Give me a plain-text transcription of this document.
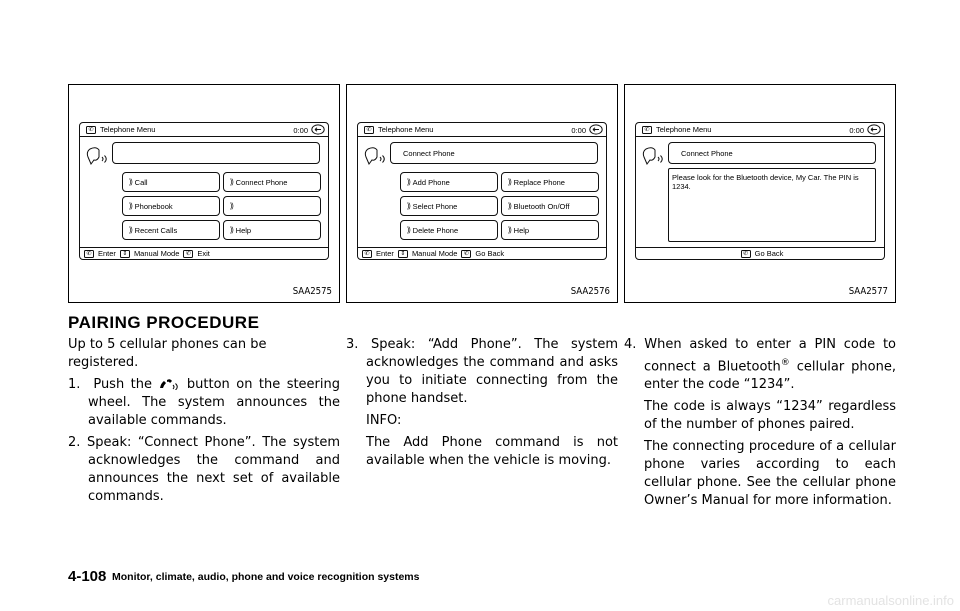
✆ Telephone Menu	0:00
)) Call	)) Connect Phone
)) Phonebook	))
)) Recent Calls	)) Help
✆ Enter	⇕ Manual Mode	✆ Exit
SAA2575
✆ Telephone Menu	0:00
Connect Phone
)) Add Phone	)) Replace Phone
)) Select Phone	)) Bluetooth On/Off
)) Delete Phone	)) Help
✆ Enter	⇕ Manual Mode	✆ Go Back
SAA2576
✆ Telephone Menu	0:00
Connect Phone
Please look for the Bluetooth device, My Car. The PIN is 1234.
✆ Go Back
SAA2577
PAIRING PROCEDURE

Up to 5 cellular phones can be registered.

1. Push the	button on the steering wheel. The system announces the available commands.

2. Speak: “Connect Phone”. The system acknowledges the command and announces the next set of available commands.

3. Speak: “Add Phone”. The system acknowledges the command and asks you to initiate connecting from the phone handset.

INFO:

The Add Phone command is not available when the vehicle is moving.

4. When asked to enter a PIN code to connect a Bluetooth® cellular phone, enter the code “1234”.

The code is always “1234” regardless of the number of phones paired.

The connecting procedure of a cellular phone varies according to each cellular phone. See the cellular phone Owner’s Manual for more information.

4-108 Monitor, climate, audio, phone and voice recognition systems
carmanualsonline.info
